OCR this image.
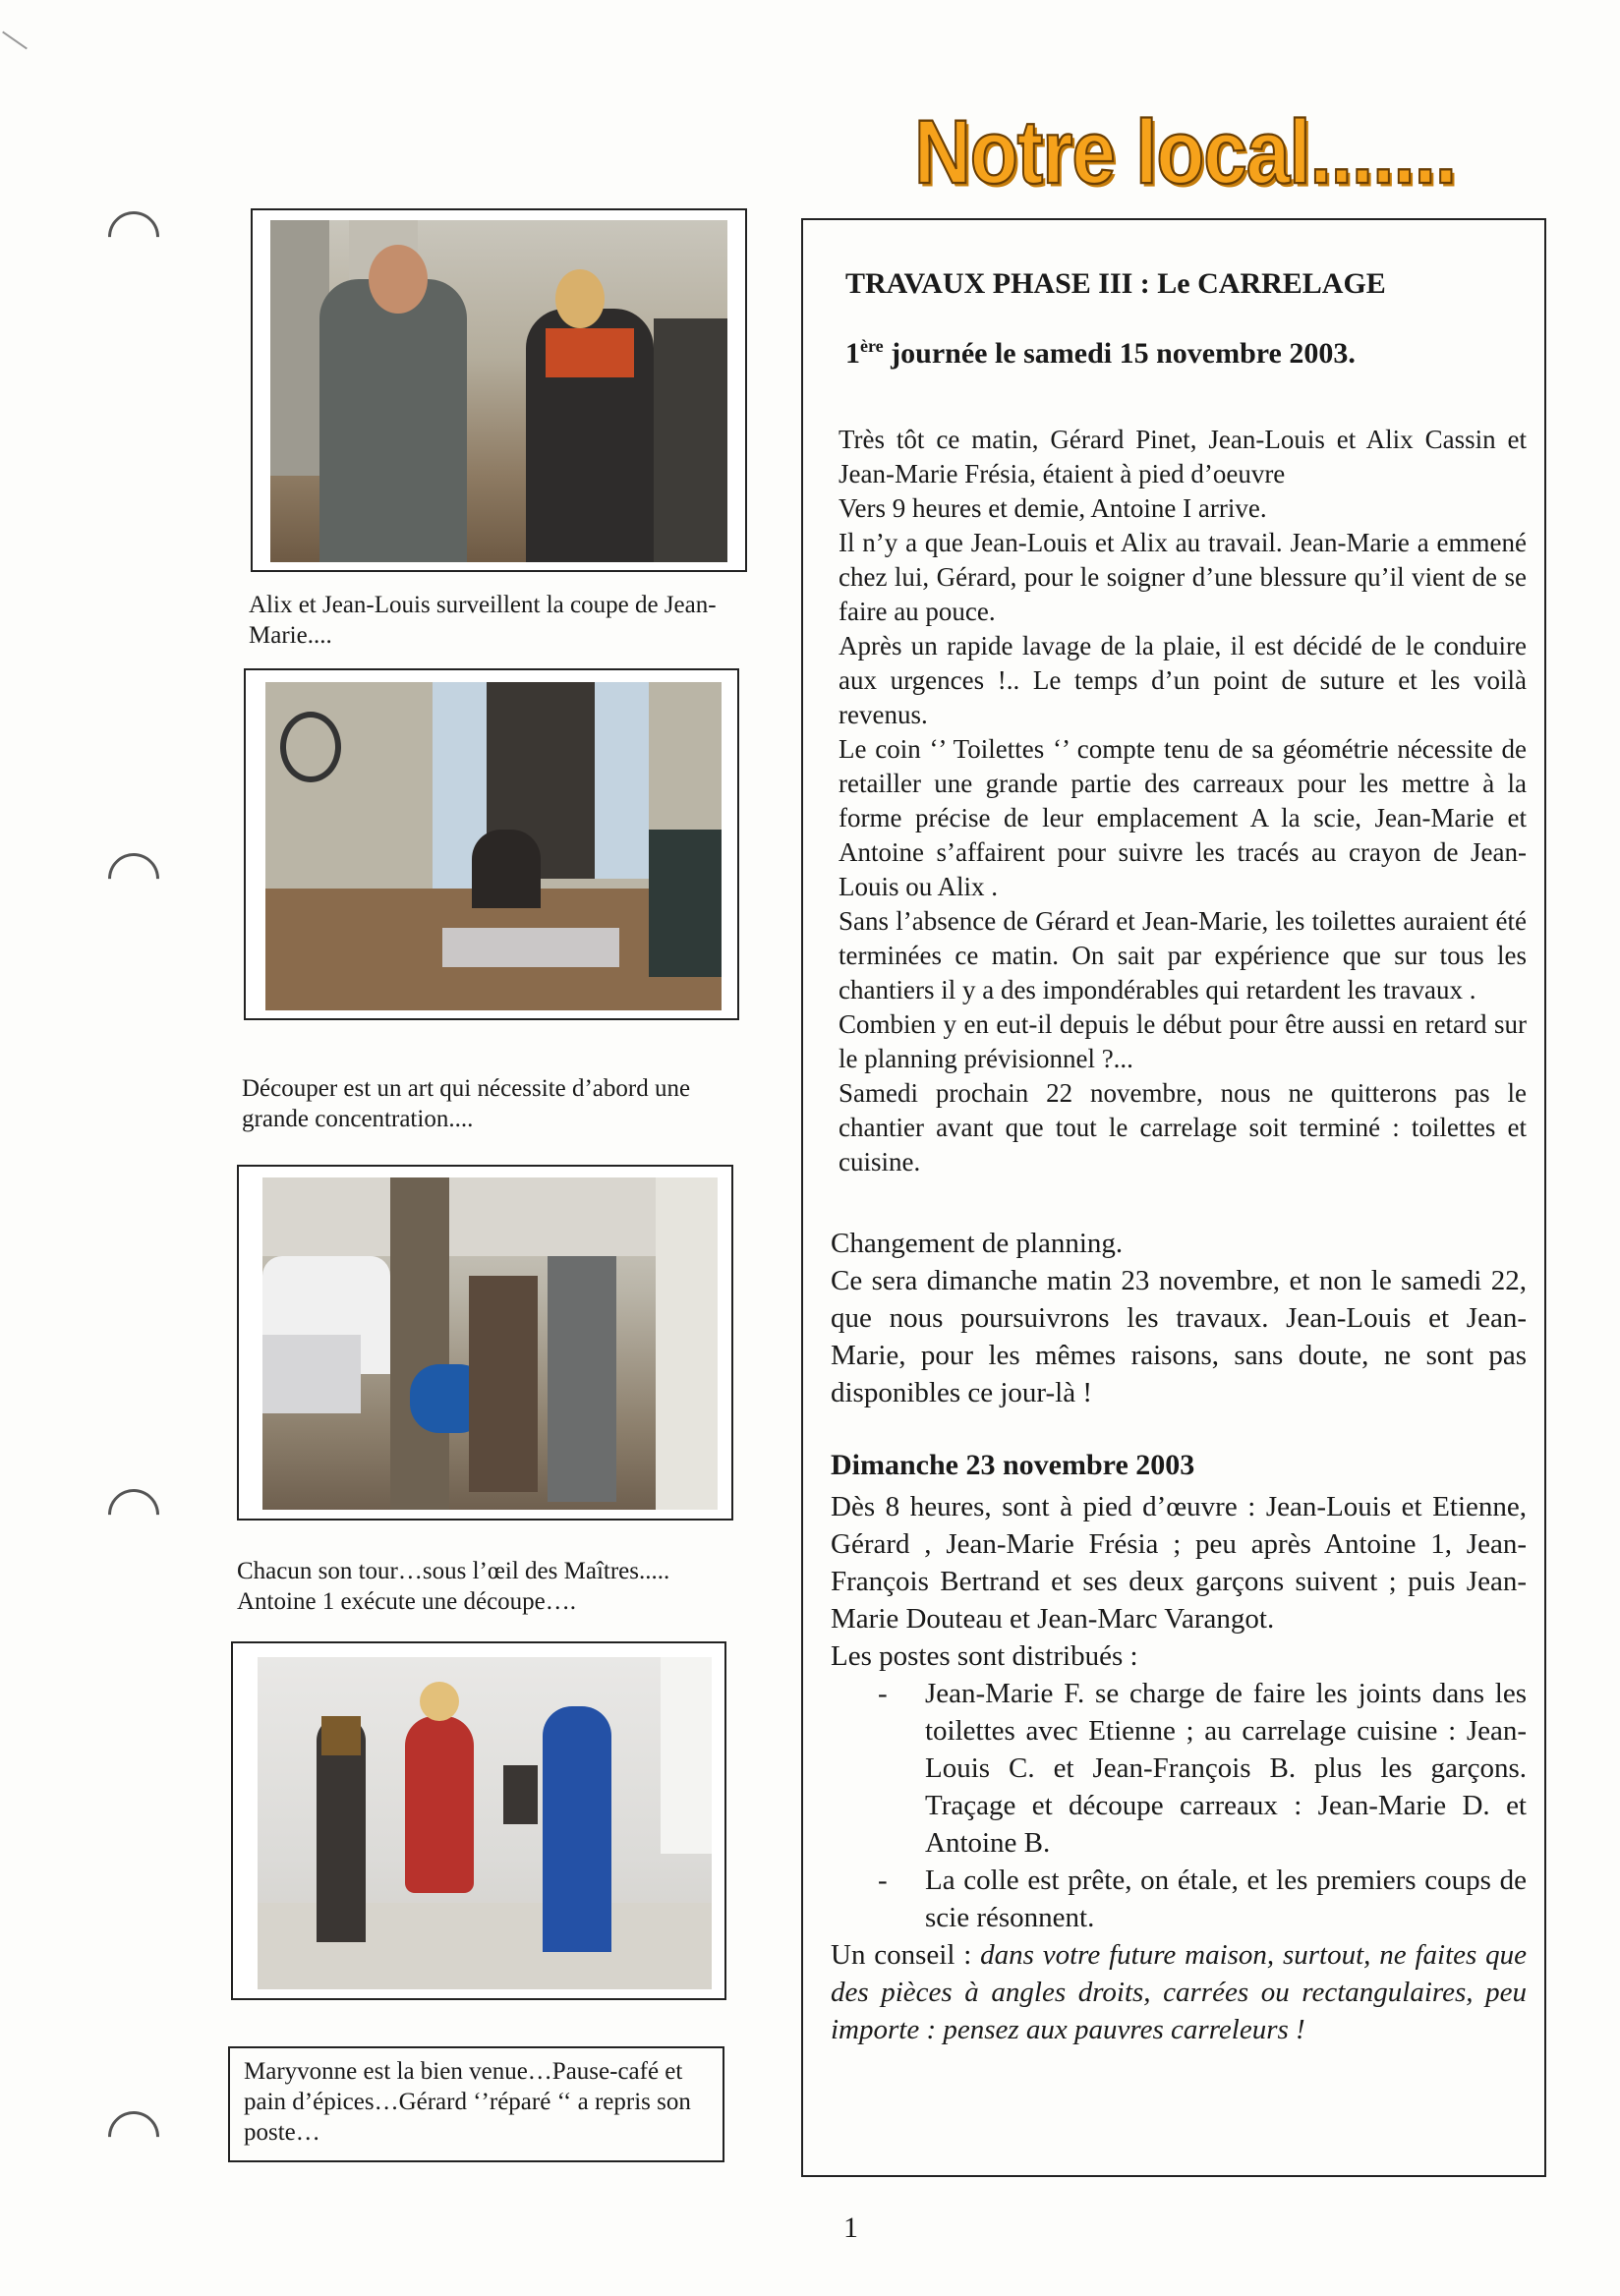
Notre local.......
Alix et Jean-Louis surveillent la coupe de Jean-Marie....
Découper est un art qui nécessite d’abord une grande concentration....
Chacun son tour…sous l’œil des Maîtres.....
Antoine 1 exécute une découpe….
Maryvonne est la bien venue…Pause-café et pain d’épices…Gérard ‘’réparé ‘‘ a repris son poste…
TRAVAUX PHASE III : Le CARRELAGE
1ère journée le samedi 15 novembre 2003.

Très tôt ce matin, Gérard Pinet, Jean-Louis et Alix Cassin et Jean-Marie Frésia, étaient à pied d’oeuvre

Vers 9 heures et demie, Antoine I arrive.

Il n’y a que Jean-Louis et Alix au travail. Jean-Marie a emmené chez lui, Gérard, pour le soigner d’une blessure qu’il vient de se faire au pouce.

Après un rapide lavage de la plaie, il est décidé de le conduire aux urgences !.. Le temps d’un point de suture et les voilà revenus.

Le coin ‘’ Toilettes ‘’ compte tenu de sa géométrie nécessite de retailler une grande partie des carreaux pour les mettre à la forme précise de leur emplacement A la scie, Jean-Marie et Antoine s’affairent pour suivre les tracés au crayon de Jean-Louis ou Alix .

Sans l’absence de Gérard et Jean-Marie, les toilettes auraient été terminées ce matin. On sait par expérience que sur tous les chantiers il y a des impondérables qui retardent les travaux .

Combien y en eut-il depuis le début pour être aussi en retard sur le planning prévisionnel ?...

Samedi prochain 22 novembre, nous ne quitterons pas le chantier avant que tout le carrelage soit terminé : toilettes et cuisine.

Changement de planning.

Ce sera dimanche matin 23 novembre, et non le samedi 22, que nous poursuivrons les travaux. Jean-Louis et Jean-Marie, pour les mêmes raisons, sans doute, ne sont pas disponibles ce jour-là !

Dimanche 23 novembre 2003

Dès 8 heures, sont à pied d’œuvre : Jean-Louis et Etienne, Gérard , Jean-Marie Frésia ; peu après Antoine 1, Jean-François Bertrand et ses deux garçons suivent ; puis Jean-Marie Douteau et Jean-Marc Varangot.

Les postes sont distribués :

- Jean-Marie F. se charge de faire les joints dans les toilettes avec Etienne ; au carrelage cuisine : Jean-Louis C. et Jean-François B. plus les garçons. Traçage et découpe carreaux : Jean-Marie D. et Antoine B.
- La colle est prête, on étale, et les premiers coups de scie résonnent.

Un conseil : dans votre future maison, surtout, ne faites que des pièces à angles droits, carrées ou rectangulaires, peu importe : pensez aux pauvres carreleurs !

1
